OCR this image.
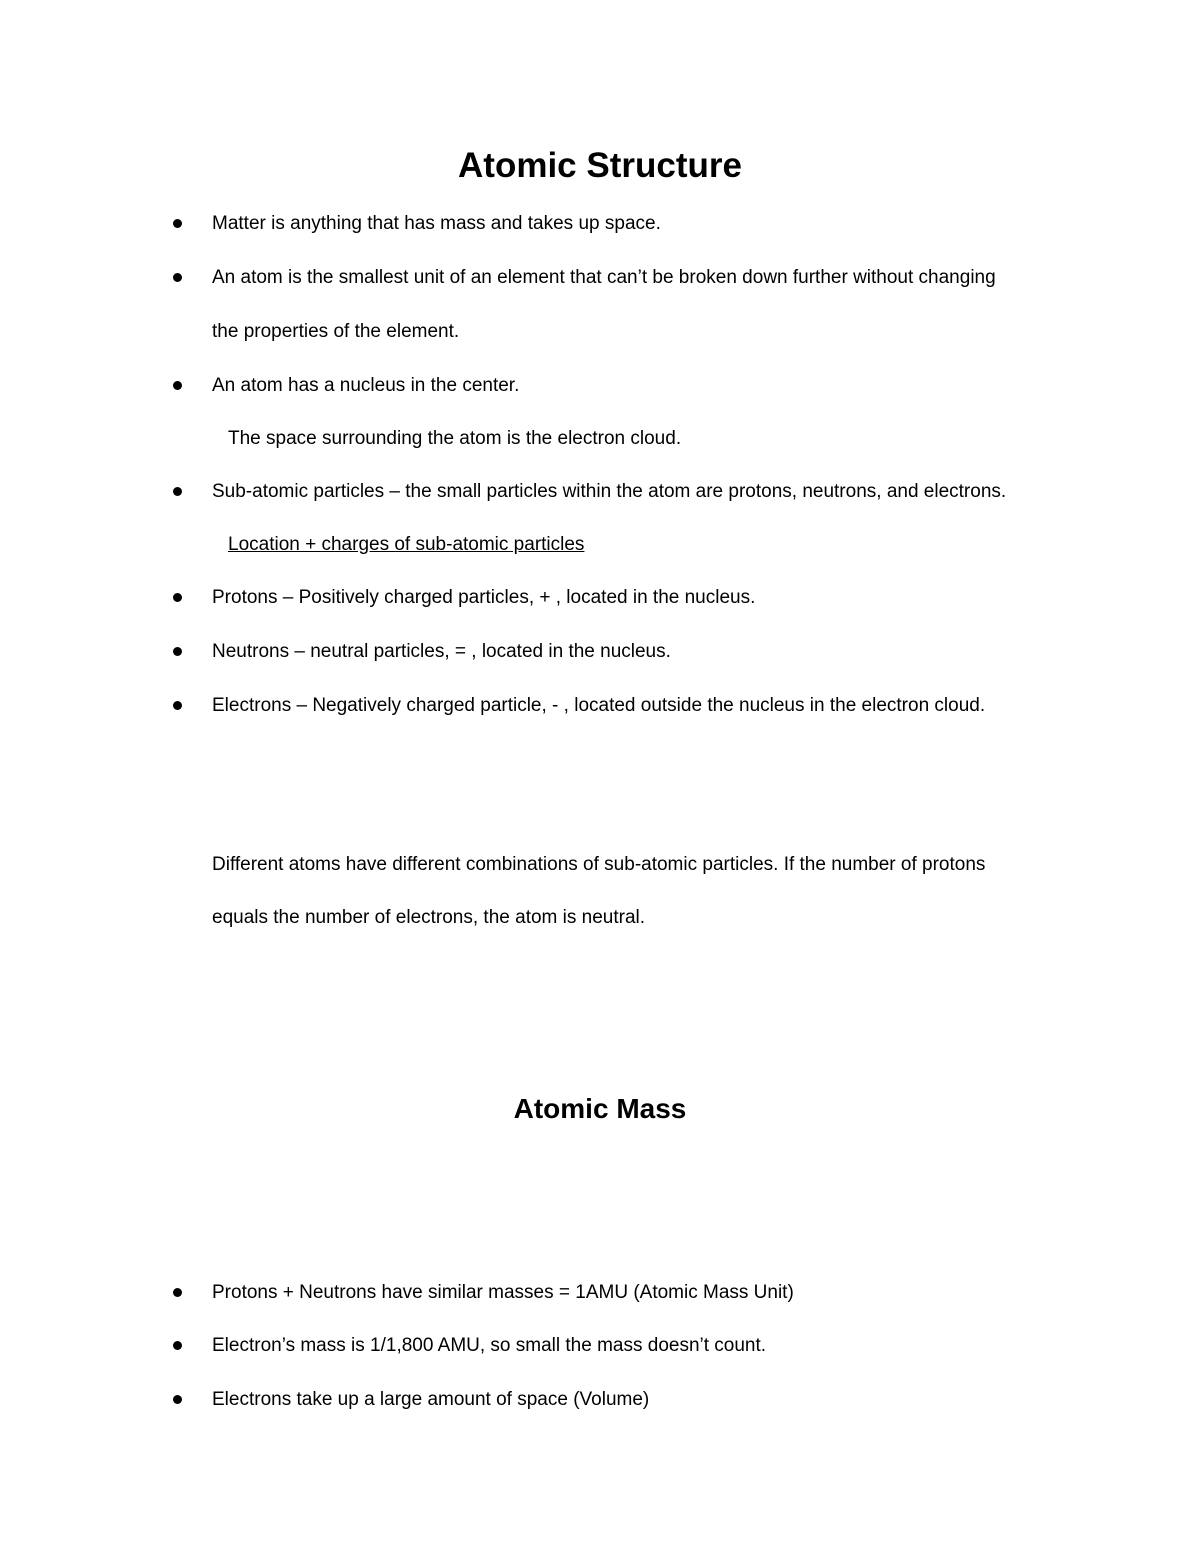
Atomic Structure
Matter is anything that has mass and takes up space.
An atom is the smallest unit of an element that can’t be broken down further without changing
the properties of the element.
An atom has a nucleus in the center.
The space surrounding the atom is the electron cloud.
Sub-atomic particles – the small particles within the atom are protons, neutrons, and electrons.
Location + charges of sub-atomic particles
Protons – Positively charged particles, + , located in the nucleus.
Neutrons – neutral particles, = , located in the nucleus.
Electrons – Negatively charged particle, - , located outside the nucleus in the electron cloud.
Different atoms have different combinations of sub-atomic particles. If the number of protons
equals the number of electrons, the atom is neutral.
Atomic Mass
Protons + Neutrons have similar masses = 1AMU (Atomic Mass Unit)
Electron’s mass is 1/1,800 AMU, so small the mass doesn’t count.
Electrons take up a large amount of space (Volume)
